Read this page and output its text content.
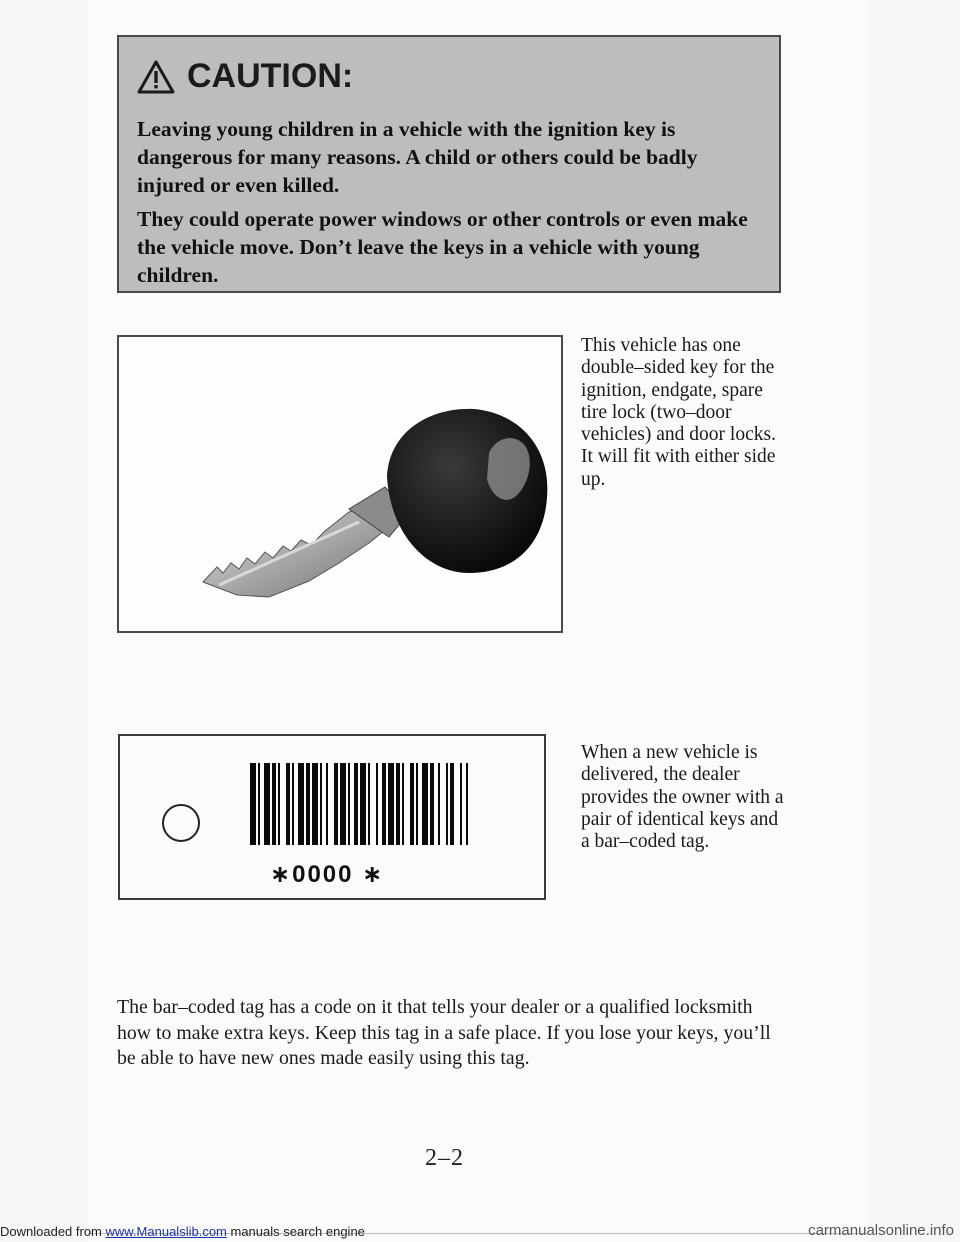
CAUTION:
Leaving young children in a vehicle with the ignition key is dangerous for many reasons. A child or others could be badly injured or even killed.
They could operate power windows or other controls or even make the vehicle move. Don’t leave the keys in a vehicle with young children.
This vehicle has one double–sided key for the ignition, endgate, spare tire lock (two–door vehicles) and door locks. It will fit with either side up.
∗0000 ∗
When a new vehicle is delivered, the dealer provides the owner with a pair of identical keys and a bar–coded tag.
The bar–coded tag has a code on it that tells your dealer or a qualified locksmith how to make extra keys. Keep this tag in a safe place. If you lose your keys, you’ll be able to have new ones made easily using this tag.
2–2
Downloaded from www.Manualslib.com manuals search engine	carmanualsonline.info
